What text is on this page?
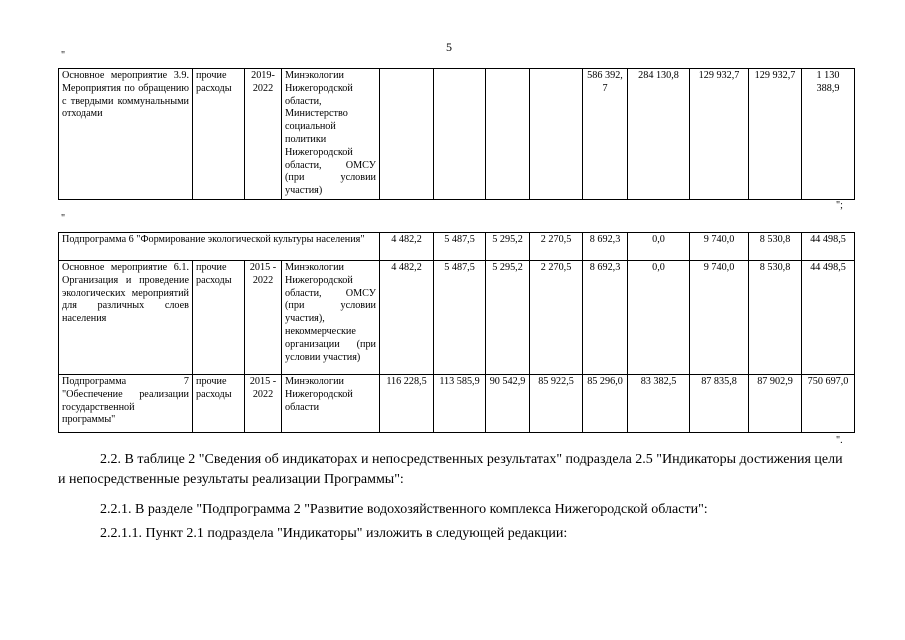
5
"
Основное мероприятие 3.9. Мероприятия по обращению с твердыми коммунальными отходами	прочие расходы	2019-2022	Минэкологии Нижегородской области, Министерство социальной политики Нижегородской области, ОМСУ (при условии участия)					586 392,7	284 130,8	129 932,7	129 932,7	1 130 388,9
";
"
Подпрограмма 6 "Формирование экологической культуры населения"				4 482,2	5 487,5	5 295,2	2 270,5	8 692,3	0,0	9 740,0	8 530,8	44 498,5
Основное мероприятие 6.1. Организация и проведение экологических мероприятий для различных слоев населения	прочие расходы	2015 - 2022	Минэкологии Нижегородской области, ОМСУ (при условии участия), некоммерческие организации (при условии участия)	4 482,2	5 487,5	5 295,2	2 270,5	8 692,3	0,0	9 740,0	8 530,8	44 498,5
Подпрограмма 7 "Обеспечение реализации государственной программы"	прочие расходы	2015 - 2022	Минэкологии Нижегородской области	116 228,5	113 585,9	90 542,9	85 922,5	85 296,0	83 382,5	87 835,8	87 902,9	750 697,0
".

2.2. В таблице 2 "Сведения об индикаторах и непосредственных результатах" подраздела 2.5 "Индикаторы достижения цели и непосредственные результаты реализации Программы":

2.2.1. В разделе "Подпрограмма 2 "Развитие водохозяйственного комплекса Нижегородской области":

2.2.1.1. Пункт 2.1 подраздела "Индикаторы" изложить в следующей редакции:
